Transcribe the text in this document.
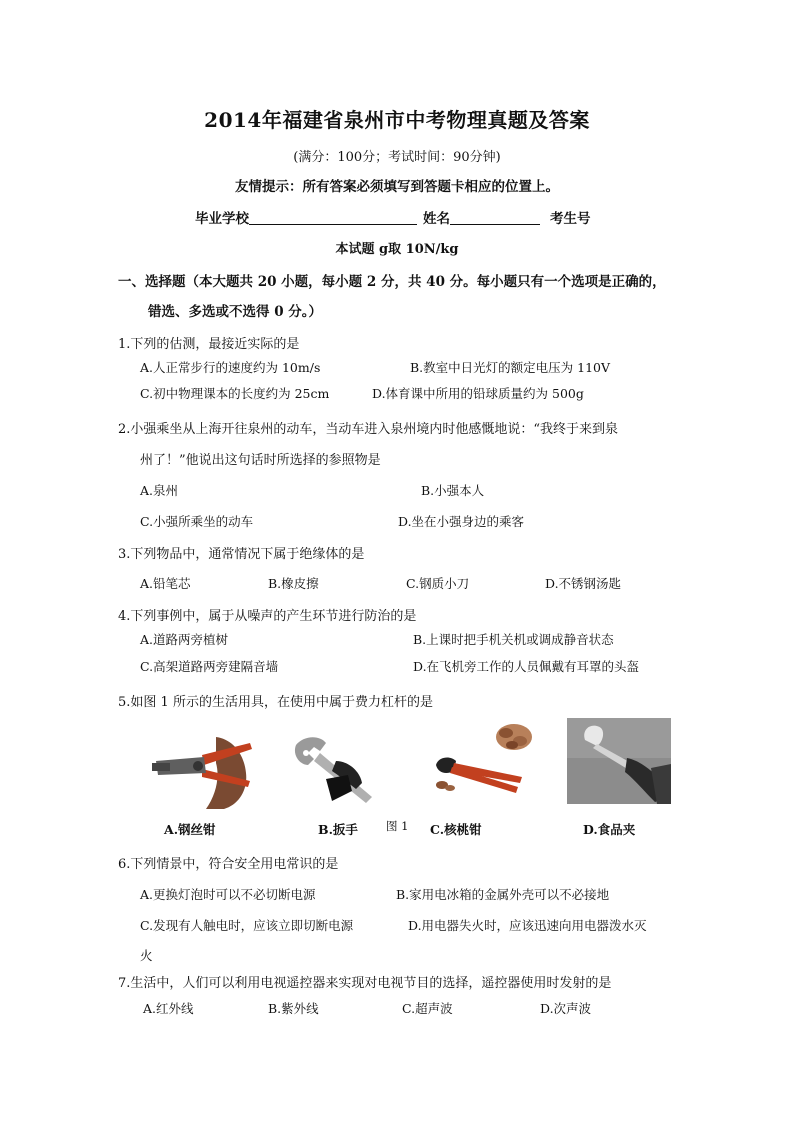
2014年福建省泉州市中考物理真题及答案
(满分：100分；考试时间：90分钟)
友情提示：所有答案必须填写到答题卡相应的位置上。
毕业学校	姓名	考生号
本试题 g取 10N/kg
一、选择题（本大题共 20 小题，每小题 2 分，共 40 分。每小题只有一个选项是正确的，
错选、多选或不选得 0 分。）
1.下列的估测，最接近实际的是
A.人正常步行的速度约为 10m/s	B.教室中日光灯的额定电压为 110V
C.初中物理课本的长度约为 25cm	D.体育课中所用的铅球质量约为 500g
2.小强乘坐从上海开往泉州的动车，当动车进入泉州境内时他感慨地说：“我终于来到泉
州了！”他说出这句话时所选择的参照物是
A.泉州	B.小强本人
C.小强所乘坐的动车	D.坐在小强身边的乘客
3.下列物品中，通常情况下属于绝缘体的是
A.铅笔芯	B.橡皮擦	C.钢质小刀	D.不锈钢汤匙
4.下列事例中，属于从噪声的产生环节进行防治的是
A.道路两旁植树	B.上课时把手机关机或调成静音状态
C.高架道路两旁建隔音墙	D.在飞机旁工作的人员佩戴有耳罩的头盔
5.如图 1 所示的生活用具，在使用中属于费力杠杆的是
A.钢丝钳	B.扳手 图 1 C.核桃钳	D.食品夹
6.下列情景中，符合安全用电常识的是
A.更换灯泡时可以不必切断电源	B.家用电冰箱的金属外壳可以不必接地
C.发现有人触电时，应该立即切断电源	D.用电器失火时，应该迅速向用电器泼水灭
火
7.生活中，人们可以利用电视遥控器来实现对电视节目的选择，遥控器使用时发射的是
A.红外线	B.紫外线	C.超声波	D.次声波
